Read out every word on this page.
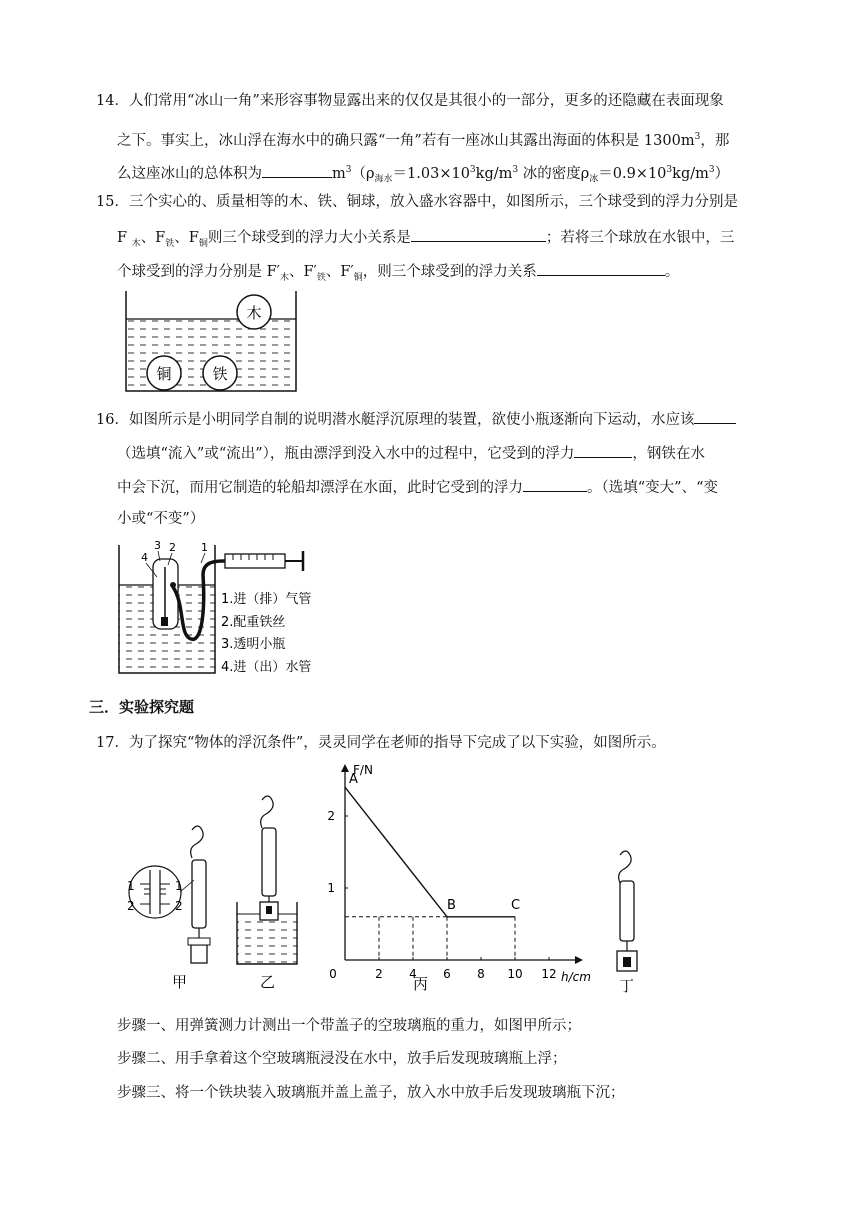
14．人们常用“冰山一角”来形容事物显露出来的仅仅是其很小的一部分，更多的还隐藏在表面现象
之下。事实上，冰山浮在海水中的确只露“一角”若有一座冰山其露出海面的体积是 $1300m^3$，那
么这座冰山的总体积为	$m^3(\rho_{海水}=1.03\times 10^3kg/m^3$ 冰的密度$\rho_冰=0.9\times 10^3kg/m^3$）
15．三个实心的、质量相等的木、铁、铜球，放入盛水容器中，如图所示，三个球受到的浮力分别是
F $_木$、$F_铁$、$F_铜$则三个球受到的浮力大小关系是	；若将三个球放在水银中，三
个球受到的浮力分别是 $F'_木$、$F'_铁$、$F'_铜$，则三个球受到的浮力关系	。
木
铜	铁
16．如图所示是小明同学自制的说明潜水艇浮沉原理的装置，欲使小瓶逐渐向下运动，水应该
（选填“流入”或“流出”），瓶由漂浮到没入水中的过程中，它受到的浮力	，钢铁在水
中会下沉，而用它制造的轮船却漂浮在水面，此时它受到的浮力	。（选填“变大”、“变
小或“不变”）
4
3 2 1
1.进（排）气管
2.配重铁丝
3.透明小瓶
4.进（出）水管
三．实验探究题
17．为了探究“物体的浮沉条件”，灵灵同学在老师的指导下完成了以下实验，如图所示。
1
2
1
2
甲	乙
F/N
h/cm
0	2 4 6 8 10 12
1
2
A
B	C
丙	丁
步骤一、用弹簧测力计测出一个带盖子的空玻璃瓶的重力，如图甲所示；
步骤二、用手拿着这个空玻璃瓶浸没在水中，放手后发现玻璃瓶上浮；
步骤三、将一个铁块装入玻璃瓶并盖上盖子，放入水中放手后发现玻璃瓶下沉；
